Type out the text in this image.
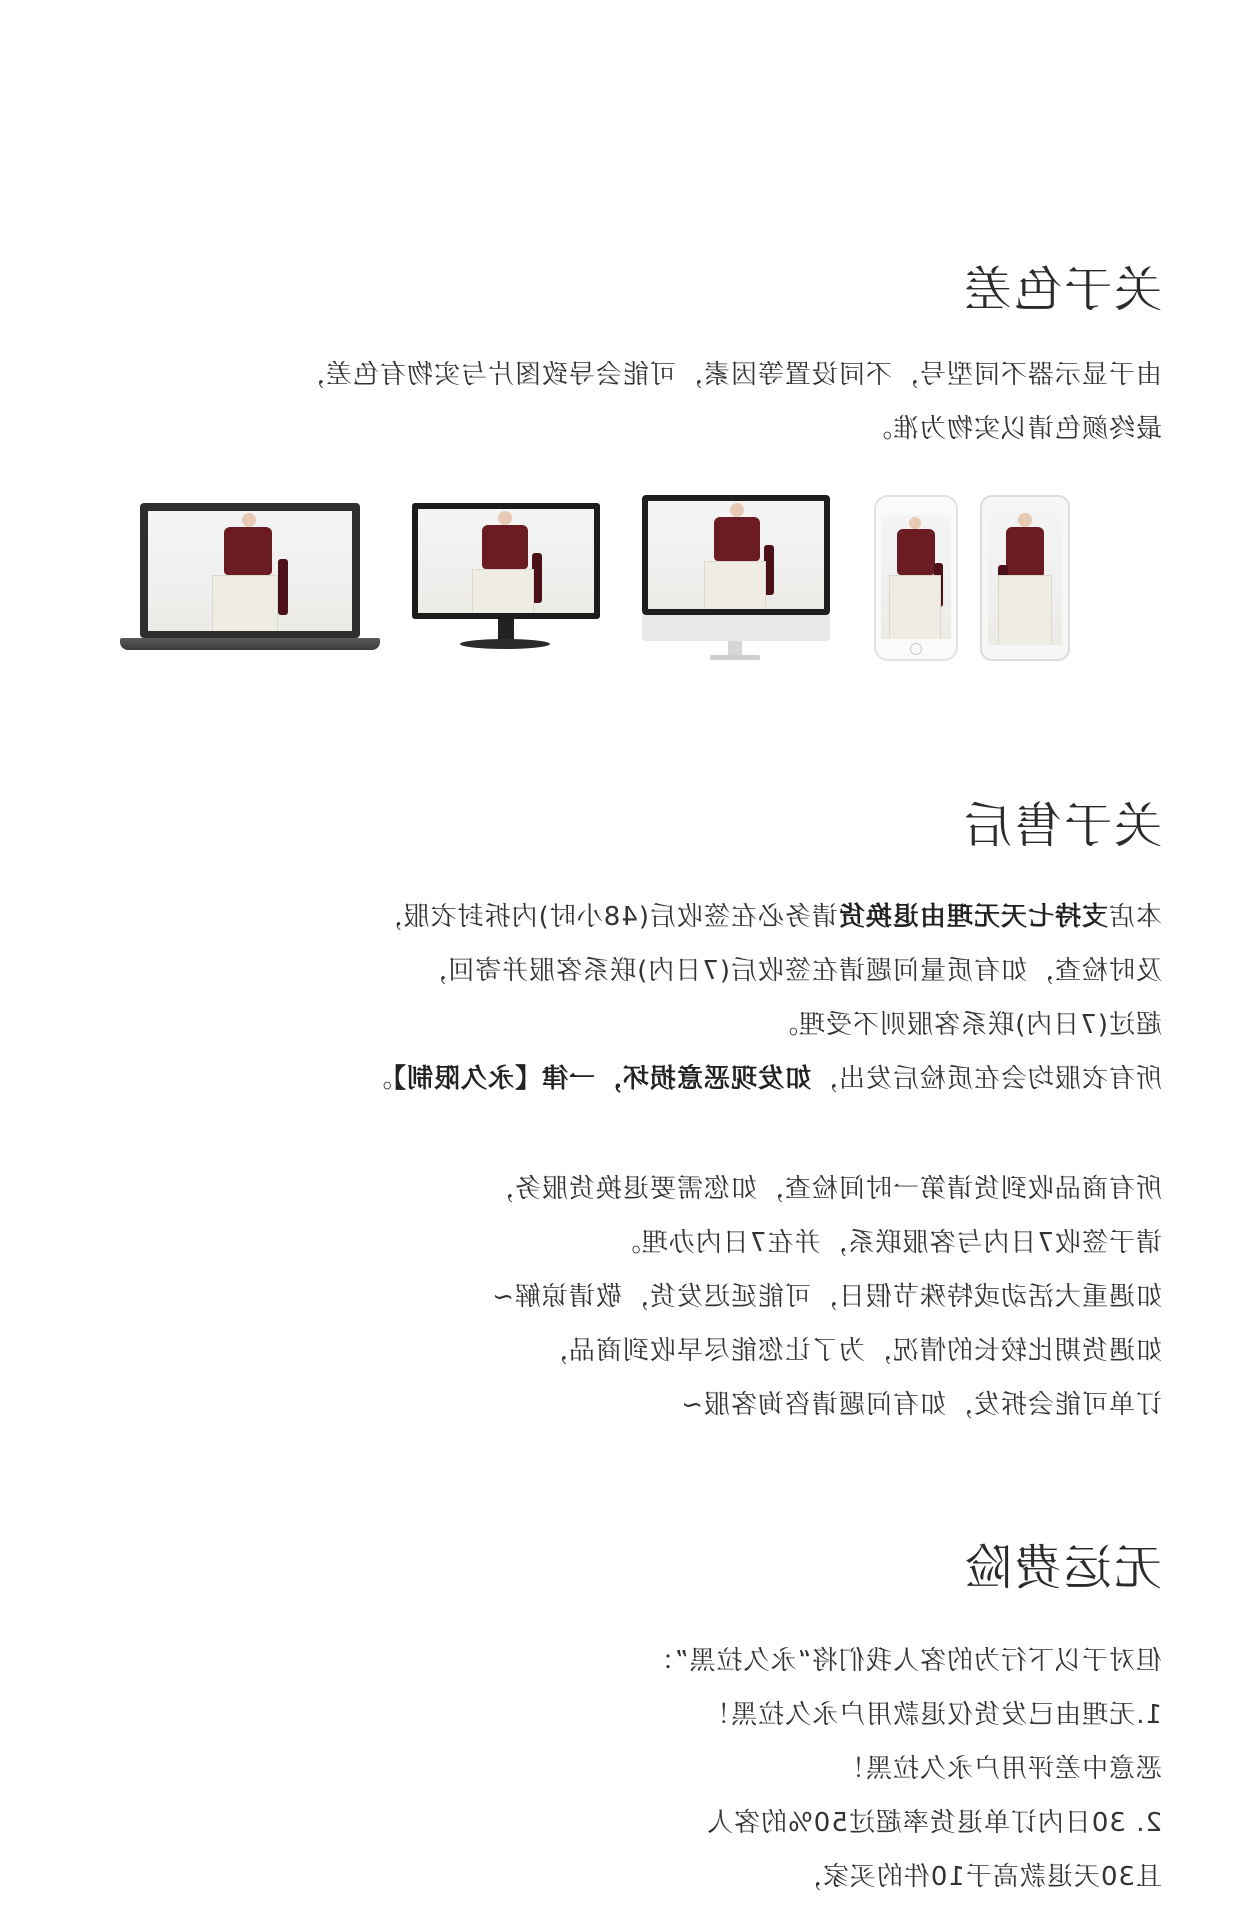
关于色差
由于显示器不同型号，不同设置等因素，可能会导致图片与实物有色差，
最终颜色请以实物为准。
关于售后
本店支持七天无理由退换货请务必在签收后(48小时)内拆封衣服，
及时检查，如有质量问题请在签收后(7日内)联系客服并寄回，
超过(7日内)联系客服则不受理。
所有衣服均会在质检后发出，如发现恶意损坏，一律【永久限制】。
所有商品收到货请第一时间检查，如您需要退换货服务，
请于签收7日内与客服联系，并在7日内办理。
如遇重大活动或特殊节假日，可能延迟发货，敬请谅解~
如遇货期比较长的情况，为了让您能尽早收到商品，
订单可能会拆发，如有问题请咨询客服~
无运费险
但对于以下行为的客人我们将“永久拉黑”：
1.无理由已发货仅退款用户永久拉黑！
恶意中差评用户永久拉黑！
2. 30日内订单退货率超过50%的客人
且30天退款高于10件的买家，
